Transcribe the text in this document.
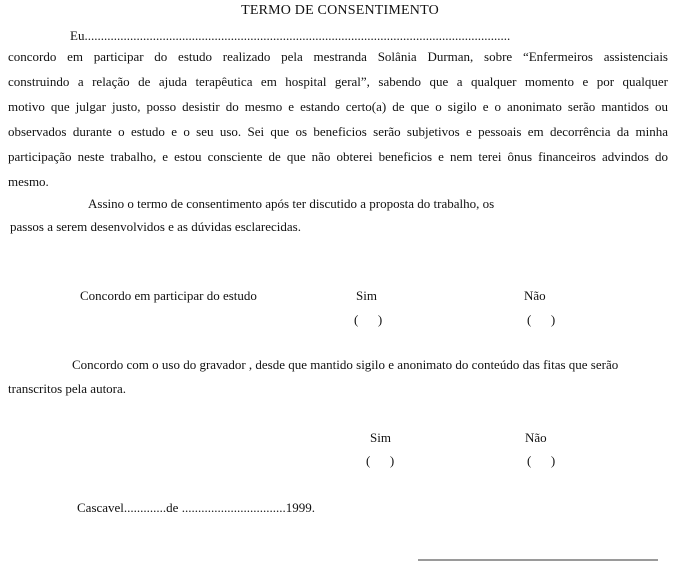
TERMO DE CONSENTIMENTO
Eu...................................................................................................................................
concordo em participar do estudo realizado pela mestranda Solânia Durman, sobre “Enfermeiros assistenciais
construindo a relação de ajuda terapêutica em hospital geral”, sabendo que a qualquer momento e por qualquer
motivo que julgar justo, posso desistir do mesmo e estando certo(a) de que o sigilo e o anonimato serão mantidos ou
observados durante o estudo e o seu uso. Sei que os beneficios serão subjetivos e pessoais em decorrência da minha
participação neste trabalho, e estou consciente de que não obterei beneficios e nem terei ônus financeiros advindos do
mesmo.
Assino o termo de consentimento após ter discutido a proposta do trabalho, os
passos a serem desenvolvidos e as dúvidas esclarecidas.
Concordo em participar do estudo	Sim	Não
(      )	(      )
Concordo com o uso do gravador , desde que mantido sigilo e anonimato do conteúdo das fitas que serão
transcritos pela autora.
Sim	Não
(      )	(      )
Cascavel.............de ................................1999.
